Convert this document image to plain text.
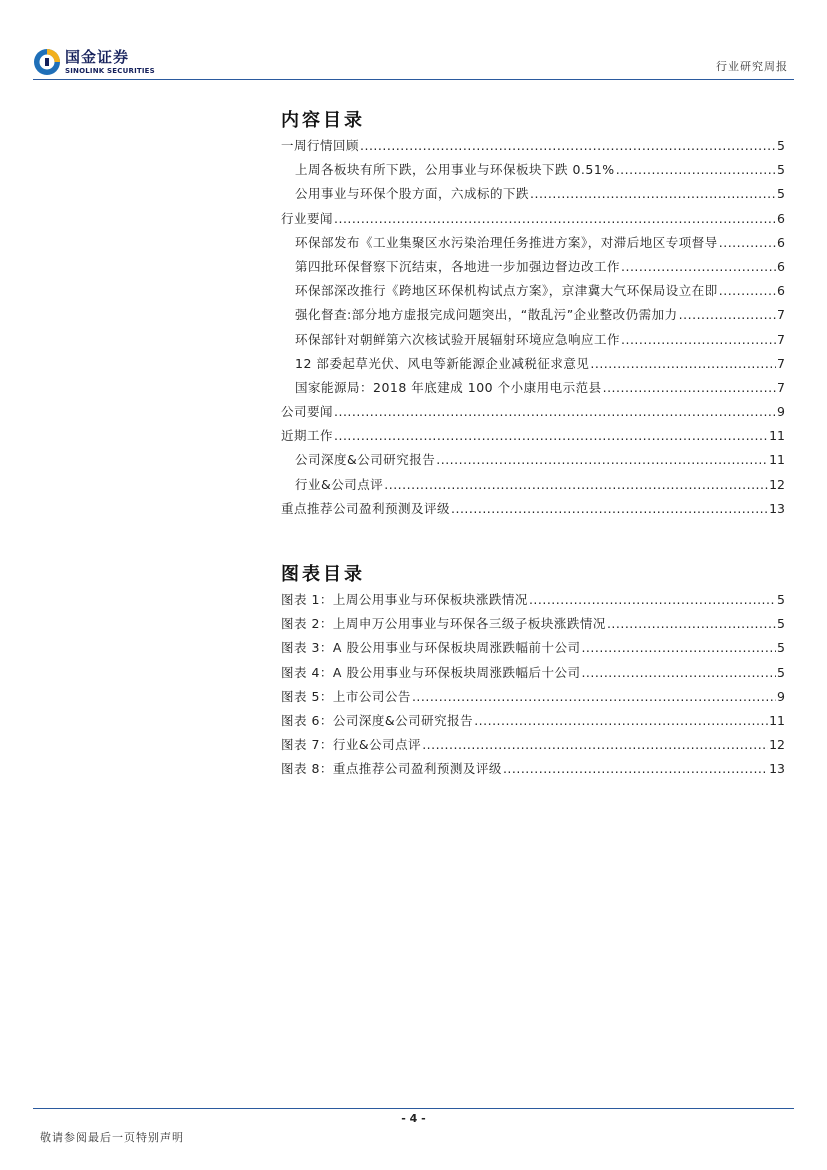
国金证券
SINOLINK SECURITIES	行业研究周报
内容目录
一周行情回顾 .....	5
上周各板块有所下跌，公用事业与环保板块下跌 0.51% .....	5
公用事业与环保个股方面，六成标的下跌 .....	5
行业要闻 .....	6
环保部发布《工业集聚区水污染治理任务推进方案》，对滞后地区专项督导 .....	6
第四批环保督察下沉结束，各地进一步加强边督边改工作 .....	6
环保部深改推行《跨地区环保机构试点方案》，京津冀大气环保局设立在即 .....	6
强化督查:部分地方虚报完成问题突出，“散乱污”企业整改仍需加力 .....	7
环保部针对朝鲜第六次核试验开展辐射环境应急响应工作 .....	7
12 部委起草光伏、风电等新能源企业减税征求意见 .....	7
国家能源局：2018 年底建成 100 个小康用电示范县 .....	7
公司要闻 .....	9
近期工作 .....	11
公司深度&公司研究报告 .....	11
行业&公司点评 .....	12
重点推荐公司盈利预测及评级 .....	13
图表目录
图表 1：上周公用事业与环保板块涨跌情况 .....	5
图表 2：上周申万公用事业与环保各三级子板块涨跌情况 .....	5
图表 3：A 股公用事业与环保板块周涨跌幅前十公司 .....	5
图表 4：A 股公用事业与环保板块周涨跌幅后十公司 .....	5
图表 5：上市公司公告 .....	9
图表 6：公司深度&公司研究报告 .....	11
图表 7：行业&公司点评 .....	12
图表 8：重点推荐公司盈利预测及评级 .....	13
- 4 -
敬请参阅最后一页特别声明
